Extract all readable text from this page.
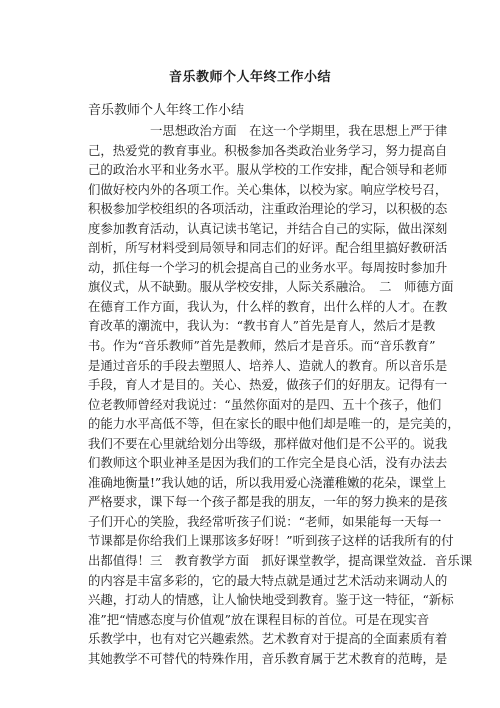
音乐教师个人年终工作小结

音乐教师个人年终工作小结

　　　　　一思想政治方面　在这一个学期里，我在思想上严于律
己，热爱党的教育事业。积极参加各类政治业务学习，努力提高自
己的政治水平和业务水平。服从学校的工作安排，配合领导和老师
们做好校内外的各项工作。关心集体，以校为家。响应学校号召，
积极参加学校组织的各项活动，注重政治理论的学习，以积极的态
度参加教育活动，认真记读书笔记，并结合自己的实际，做出深刻
剖析，所写材料受到局领导和同志们的好评。配合组里搞好教研活
动，抓住每一个学习的机会提高自己的业务水平。每周按时参加升
旗仪式，从不缺勤。服从学校安排，人际关系融洽。　二　师德方面
在德育工作方面，我认为，什么样的教育，出什么样的人才。在教
育改革的潮流中，我认为：“教书育人”首先是育人，然后才是教
书。作为“音乐教师”首先是教师，然后才是音乐。而“音乐教育”
是通过音乐的手段去塑照人、培养人、造就人的教育。所以音乐是
手段，育人才是目的。关心、热爱，做孩子们的好朋友。记得有一
位老教师曾经对我说过：“虽然你面对的是四、五十个孩子，他们
的能力水平高低不等，但在家长的眼中他们却是唯一的，是完美的，
我们不要在心里就给划分出等级，那样做对他们是不公平的。说我
们教师这个职业神圣是因为我们的工作完全是良心活，没有办法去
准确地衡量!”我认她的话，所以我用爱心浇灌稚嫩的花朵，课堂上
严格要求，课下每一个孩子都是我的朋友，一年的努力换来的是孩
子们开心的笑脸，我经常听孩子们说：“老师，如果能每一天每一
节课都是你给我们上课那该多好呀！”听到孩子这样的话我所有的付
出都值得！三　教育教学方面　抓好课堂教学，提高课堂效益．音乐课
的内容是丰富多彩的，它的最大特点就是通过艺术活动来调动人的
兴趣，打动人的情感，让人愉快地受到教育。鉴于这一特征，“新标
准”把“情感态度与价值观”放在课程目标的首位。可是在现实音
乐教学中，也有对它兴趣索然。艺术教育对于提高的全面素质有着
其她教学不可替代的特殊作用，音乐教育属于艺术教育的范畴，是
